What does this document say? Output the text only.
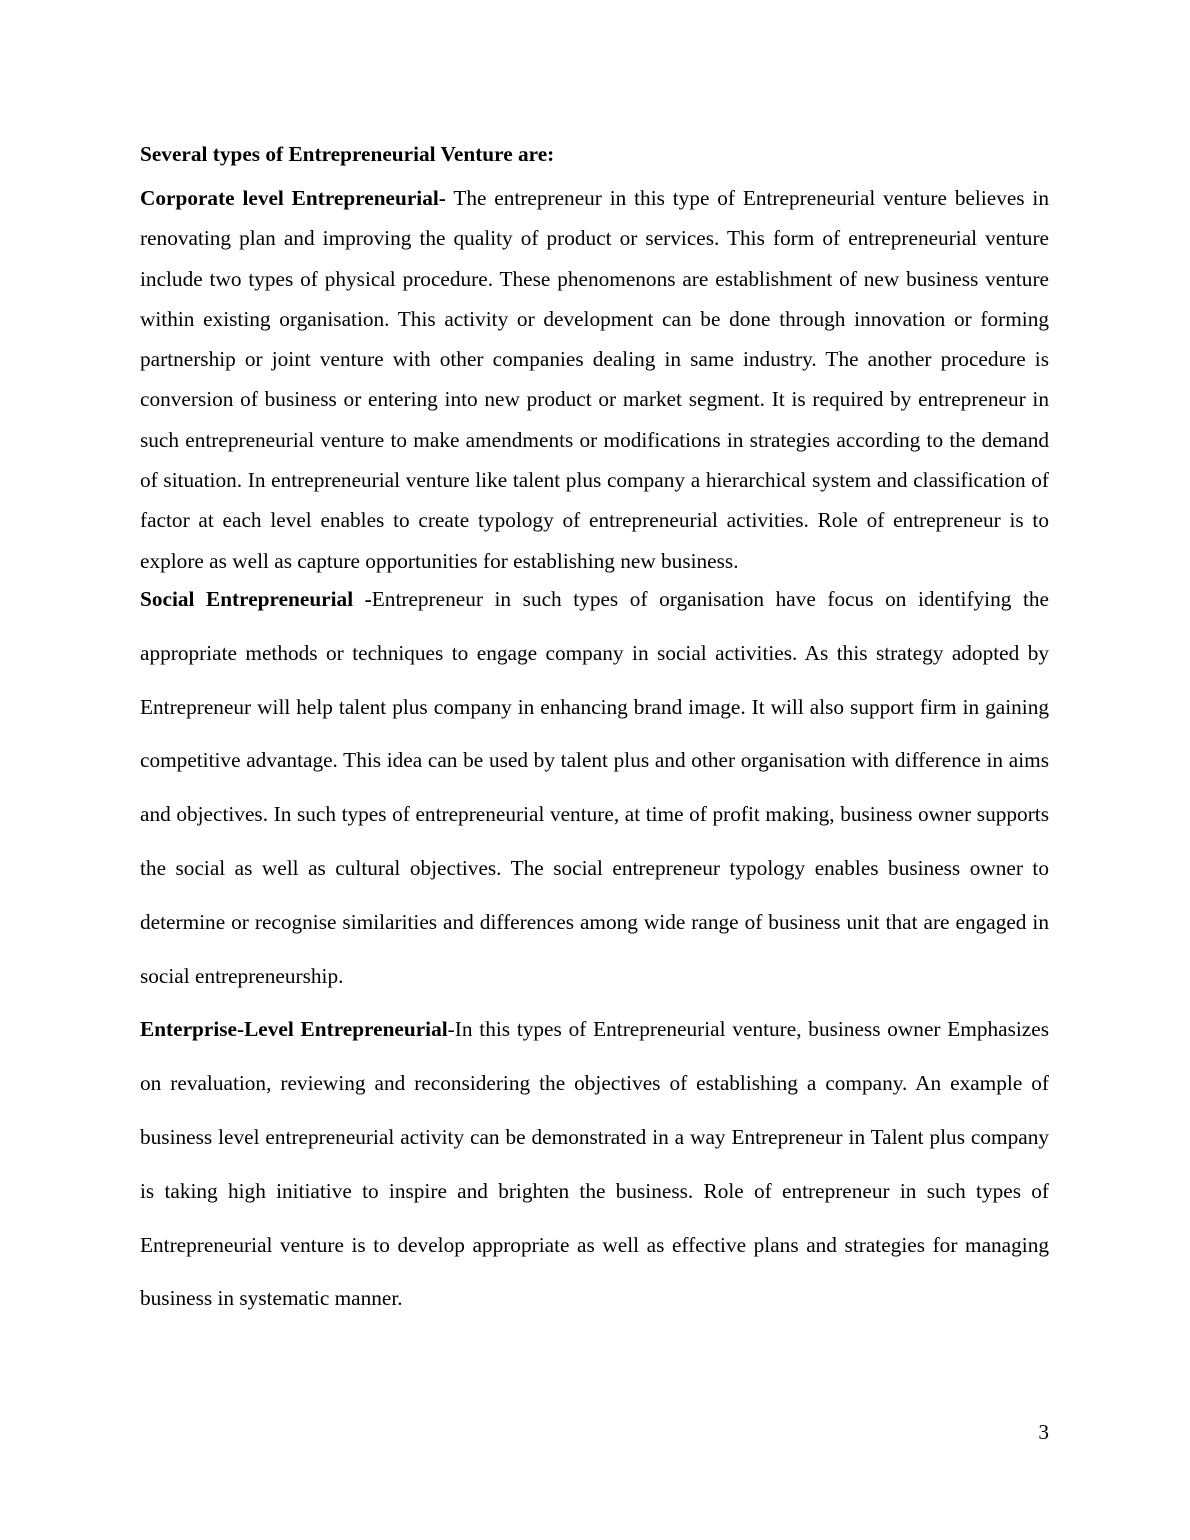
Several types of Entrepreneurial Venture are:

Corporate level Entrepreneurial- The entrepreneur in this type of Entrepreneurial venture believes in renovating plan and improving the quality of product or services. This form of entrepreneurial venture include two types of physical procedure. These phenomenons are establishment of new business venture within existing organisation. This activity or development can be done through innovation or forming partnership or joint venture with other companies dealing in same industry. The another procedure is conversion of business or entering into new product or market segment. It is required by entrepreneur in such entrepreneurial venture to make amendments or modifications in strategies according to the demand of situation. In entrepreneurial venture like talent plus company a hierarchical system and classification of factor at each level enables to create typology of entrepreneurial activities. Role of entrepreneur is to explore as well as capture opportunities for establishing new business.

Social Entrepreneurial -Entrepreneur in such types of organisation have focus on identifying the appropriate methods or techniques to engage company in social activities. As this strategy adopted by Entrepreneur will help talent plus company in enhancing brand image. It will also support firm in gaining competitive advantage. This idea can be used by talent plus and other organisation with difference in aims and objectives. In such types of entrepreneurial venture, at time of profit making, business owner supports the social as well as cultural objectives. The social entrepreneur typology enables business owner to determine or recognise similarities and differences among wide range of business unit that are engaged in social entrepreneurship.

Enterprise-Level Entrepreneurial-In this types of Entrepreneurial venture, business owner Emphasizes on revaluation, reviewing and reconsidering the objectives of establishing a company. An example of business level entrepreneurial activity can be demonstrated in a way Entrepreneur in Talent plus company is taking high initiative to inspire and brighten the business. Role of entrepreneur in such types of Entrepreneurial venture is to develop appropriate as well as effective plans and strategies for managing business in systematic manner.

3
